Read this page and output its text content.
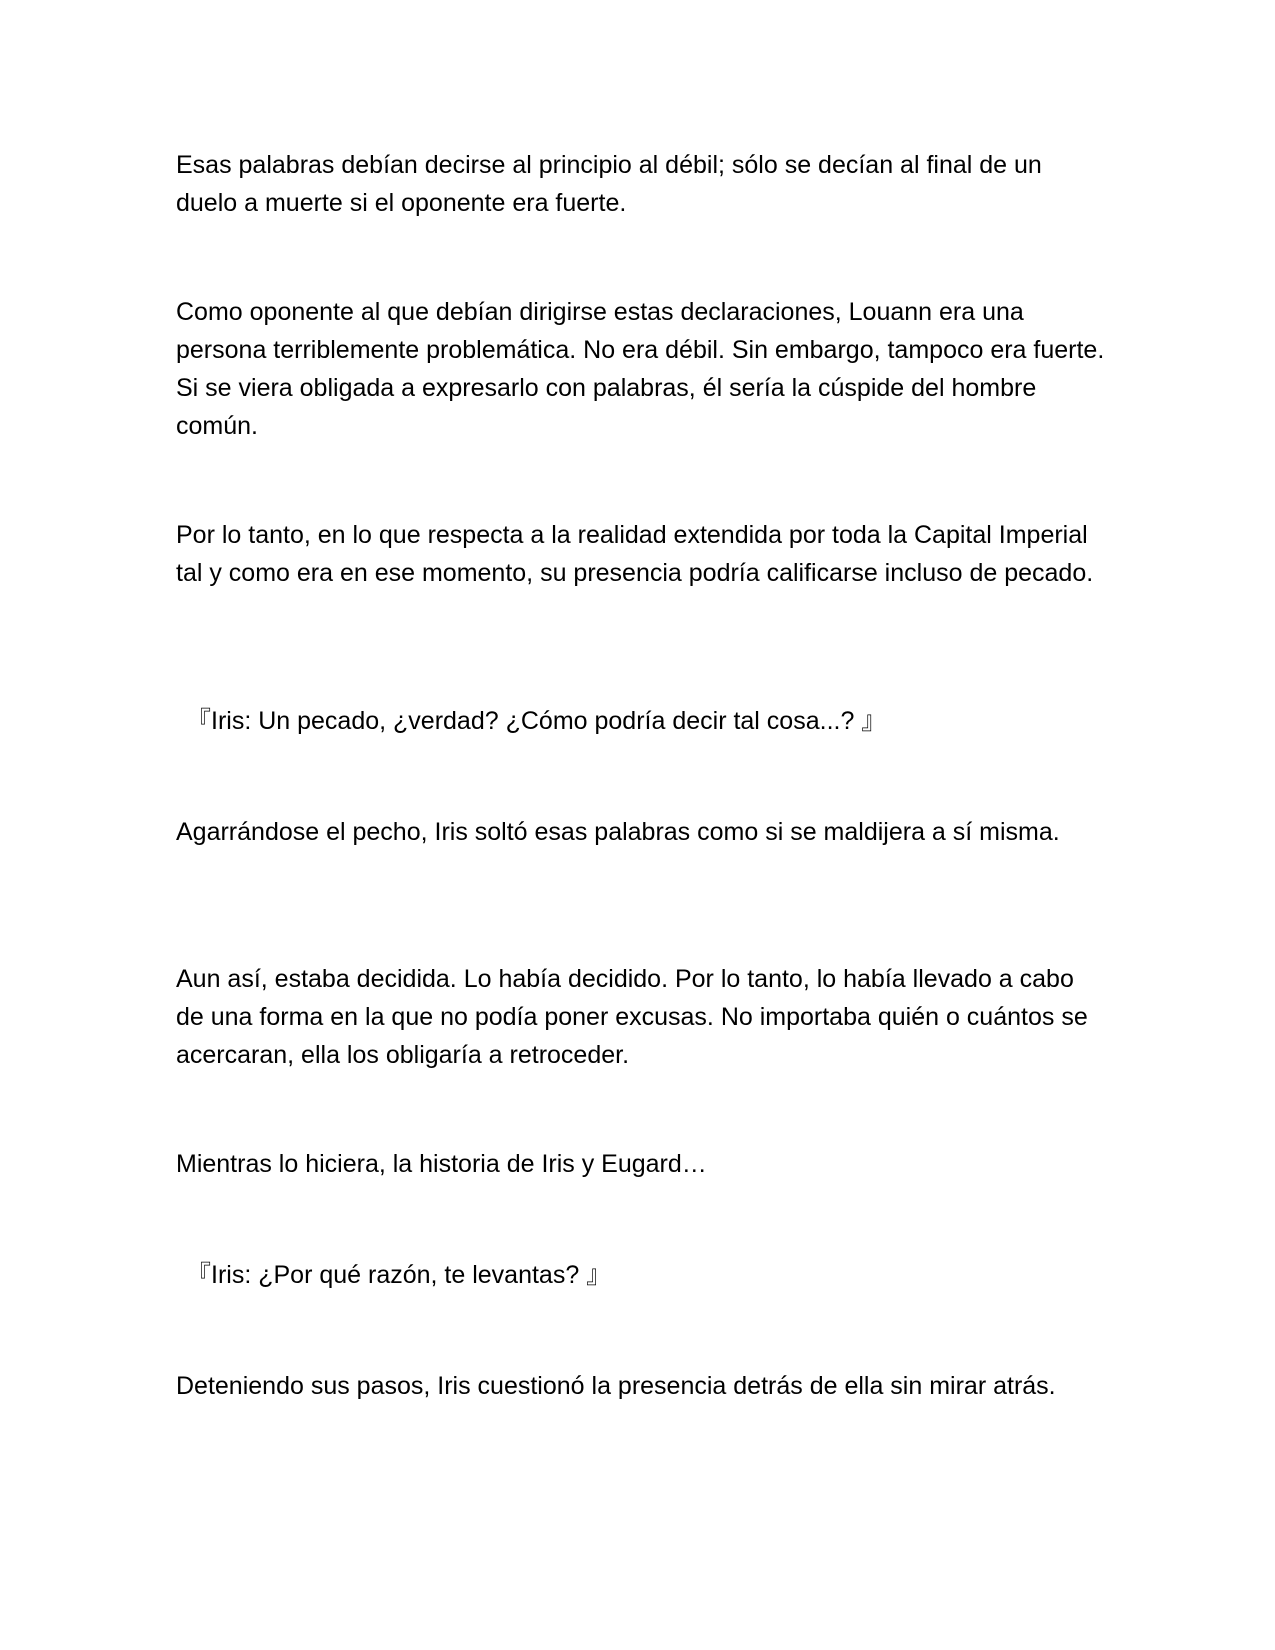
Esas palabras debían decirse al principio al débil; sólo se decían al final de un duelo a muerte si el oponente era fuerte.

Como oponente al que debían dirigirse estas declaraciones, Louann era una persona terriblemente problemática. No era débil. Sin embargo, tampoco era fuerte. Si se viera obligada a expresarlo con palabras, él sería la cúspide del hombre común.

Por lo tanto, en lo que respecta a la realidad extendida por toda la Capital Imperial tal y como era en ese momento, su presencia podría calificarse incluso de pecado.

『Iris: Un pecado, ¿verdad? ¿Cómo podría decir tal cosa...? 』

Agarrándose el pecho, Iris soltó esas palabras como si se maldijera a sí misma.

Aun así, estaba decidida. Lo había decidido. Por lo tanto, lo había llevado a cabo de una forma en la que no podía poner excusas. No importaba quién o cuántos se acercaran, ella los obligaría a retroceder.

Mientras lo hiciera, la historia de Iris y Eugard…

『Iris: ¿Por qué razón, te levantas? 』

Deteniendo sus pasos, Iris cuestionó la presencia detrás de ella sin mirar atrás.
